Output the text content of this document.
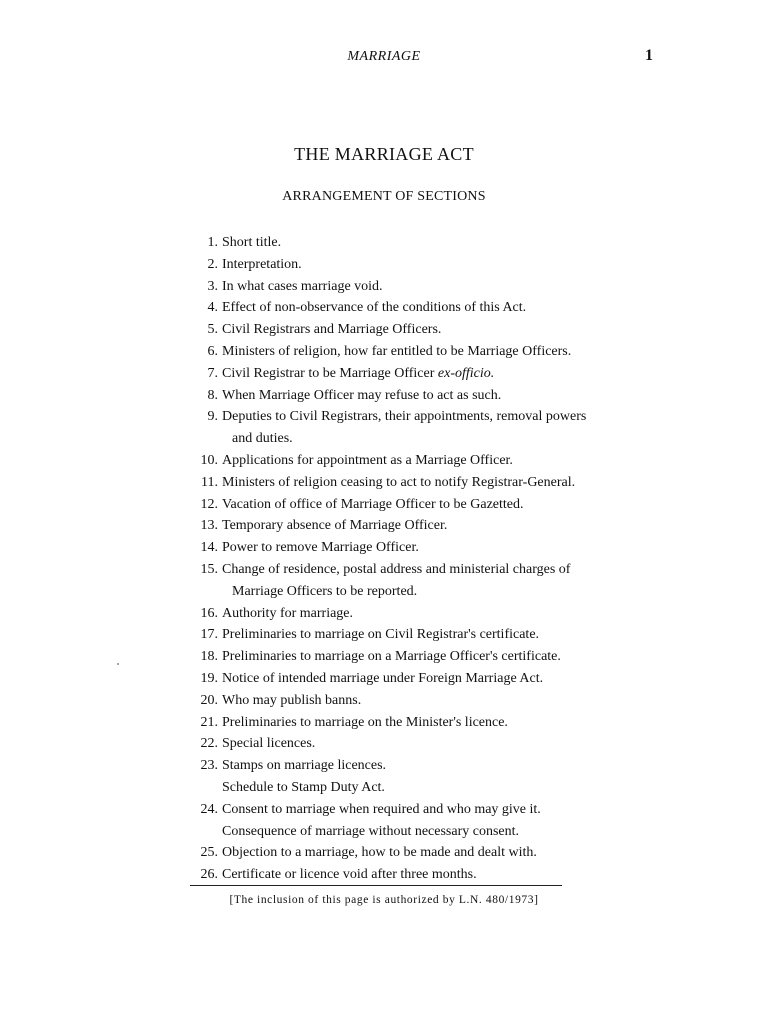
MARRIAGE	1
THE MARRIAGE ACT
ARRANGEMENT OF SECTIONS
1. Short title.
2. Interpretation.
3. In what cases marriage void.
4. Effect of non-observance of the conditions of this Act.
5. Civil Registrars and Marriage Officers.
6. Ministers of religion, how far entitled to be Marriage Officers.
7. Civil Registrar to be Marriage Officer ex-officio.
8. When Marriage Officer may refuse to act as such.
9. Deputies to Civil Registrars, their appointments, removal powers
and duties.
10. Applications for appointment as a Marriage Officer.
11. Ministers of religion ceasing to act to notify Registrar-General.
12. Vacation of office of Marriage Officer to be Gazetted.
13. Temporary absence of Marriage Officer.
14. Power to remove Marriage Officer.
15. Change of residence, postal address and ministerial charges of
Marriage Officers to be reported.
16. Authority for marriage.
17. Preliminaries to marriage on Civil Registrar's certificate.
18. Preliminaries to marriage on a Marriage Officer's certificate.
19. Notice of intended marriage under Foreign Marriage Act.
20. Who may publish banns.
21. Preliminaries to marriage on the Minister's licence.
22. Special licences.
23. Stamps on marriage licences.
Schedule to Stamp Duty Act.
24. Consent to marriage when required and who may give it.
Consequence of marriage without necessary consent.
25. Objection to a marriage, how to be made and dealt with.
26. Certificate or licence void after three months.
[The inclusion of this page is authorized by L.N. 480/1973]
